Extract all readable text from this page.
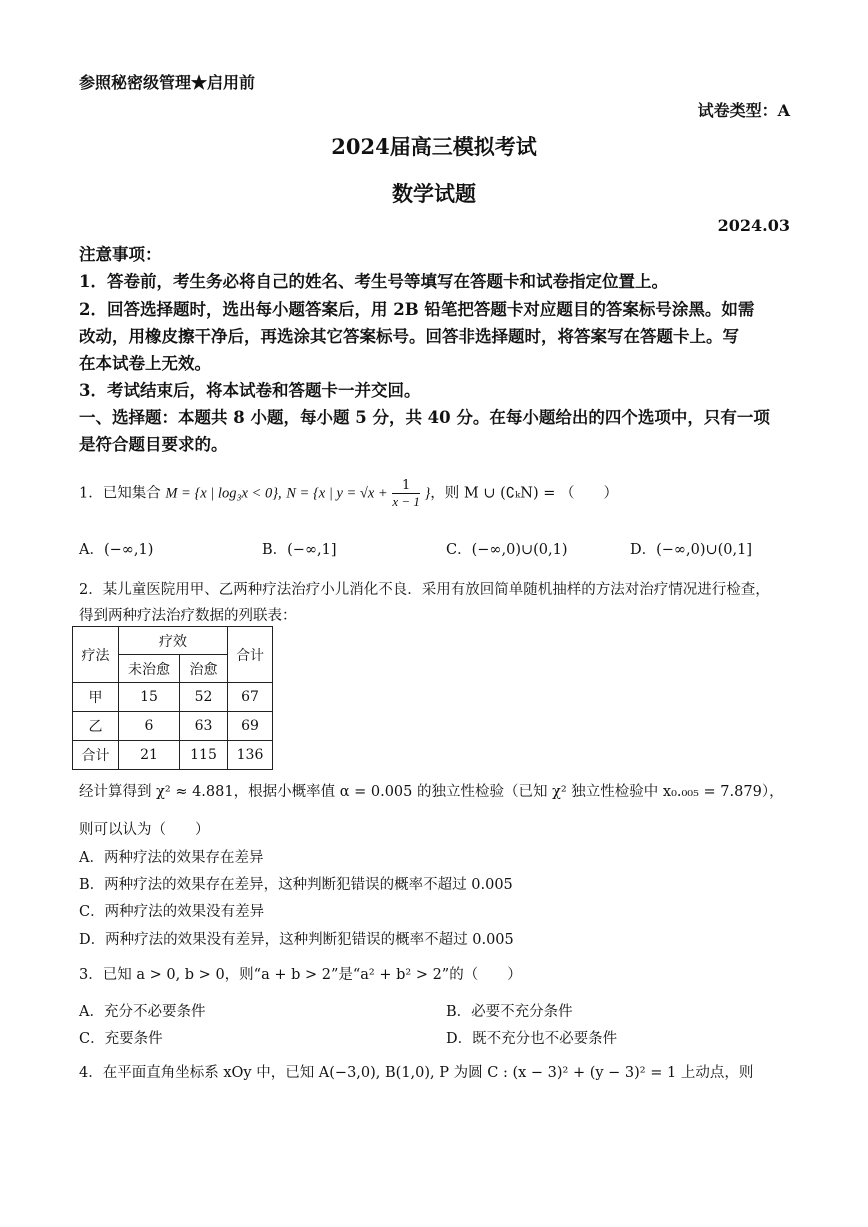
参照秘密级管理★启用前
试卷类型：A
2024届高三模拟考试
数学试题
2024.03
注意事项：
1．答卷前，考生务必将自己的姓名、考生号等填写在答题卡和试卷指定位置上。
2．回答选择题时，选出每小题答案后，用 2B 铅笔把答题卡对应题目的答案标号涂黑。如需
改动，用橡皮擦干净后，再选涂其它答案标号。回答非选择题时，将答案写在答题卡上。写
在本试卷上无效。
3．考试结束后，将本试卷和答题卡一并交回。
一、选择题：本题共 8 小题，每小题 5 分，共 40 分。在每小题给出的四个选项中，只有一项
是符合题目要求的。
1．已知集合 M = {x | log₃x < 0}, N = {x | $y = √x + \frac{1}{x - 1}$ }，则 M ∪ (∁ₖN) = （　　）
A．(−∞,1)	B．(−∞,1]	C．(−∞,0)∪(0,1)	D．(−∞,0)∪(0,1]
2．某儿童医院用甲、乙两种疗法治疗小儿消化不良．采用有放回简单随机抽样的方法对治疗情况进行检查，
得到两种疗法治疗数据的列联表：
疗法	疗效		合计
	未治愈	治愈	
甲	15	52	67
乙	6	63	69
合计	21	115	136
经计算得到 χ² ≈ 4.881，根据小概率值 α = 0.005 的独立性检验（已知 χ² 独立性检验中 x₀.₀₀₅ = 7.879），
则可以认为（　　）
A．两种疗法的效果存在差异
B．两种疗法的效果存在差异，这种判断犯错误的概率不超过 0.005
C．两种疗法的效果没有差异
D．两种疗法的效果没有差异，这种判断犯错误的概率不超过 0.005
3．已知 a > 0, b > 0，则“a + b > 2”是“a² + b² > 2”的（　　）
A．充分不必要条件	B．必要不充分条件
C．充要条件	D．既不充分也不必要条件
4．在平面直角坐标系 xOy 中，已知 A(−3,0), B(1,0), P 为圆 C : (x − 3)² + (y − 3)² = 1 上动点，则
